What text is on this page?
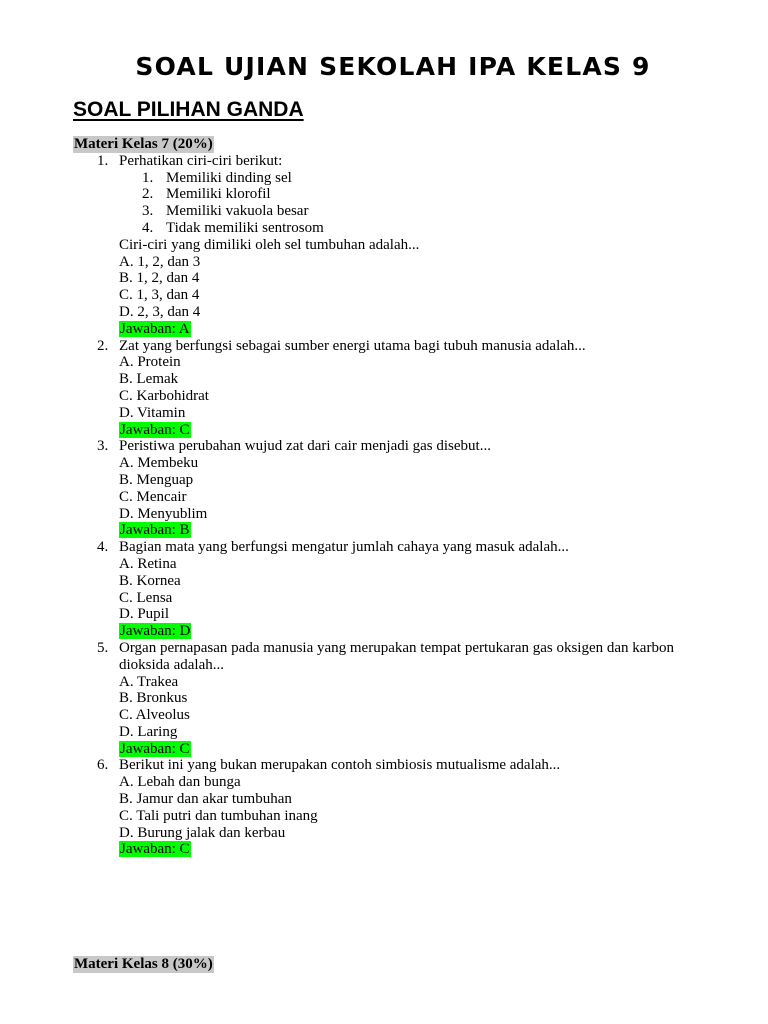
SOAL UJIAN SEKOLAH IPA KELAS 9
SOAL PILIHAN GANDA
Materi Kelas 7 (20%)
1. Perhatikan ciri-ciri berikut:
1. Memiliki dinding sel
2. Memiliki klorofil
3. Memiliki vakuola besar
4. Tidak memiliki sentrosom
Ciri-ciri yang dimiliki oleh sel tumbuhan adalah...
A. 1, 2, dan 3
B. 1, 2, dan 4
C. 1, 3, dan 4
D. 2, 3, dan 4
Jawaban: A
2. Zat yang berfungsi sebagai sumber energi utama bagi tubuh manusia adalah...
A. Protein
B. Lemak
C. Karbohidrat
D. Vitamin
Jawaban: C
3. Peristiwa perubahan wujud zat dari cair menjadi gas disebut...
A. Membeku
B. Menguap
C. Mencair
D. Menyublim
Jawaban: B
4. Bagian mata yang berfungsi mengatur jumlah cahaya yang masuk adalah...
A. Retina
B. Kornea
C. Lensa
D. Pupil
Jawaban: D
5. Organ pernapasan pada manusia yang merupakan tempat pertukaran gas oksigen dan karbon dioksida adalah...
A. Trakea
B. Bronkus
C. Alveolus
D. Laring
Jawaban: C
6. Berikut ini yang bukan merupakan contoh simbiosis mutualisme adalah...
A. Lebah dan bunga
B. Jamur dan akar tumbuhan
C. Tali putri dan tumbuhan inang
D. Burung jalak dan kerbau
Jawaban: C
Materi Kelas 8 (30%)
